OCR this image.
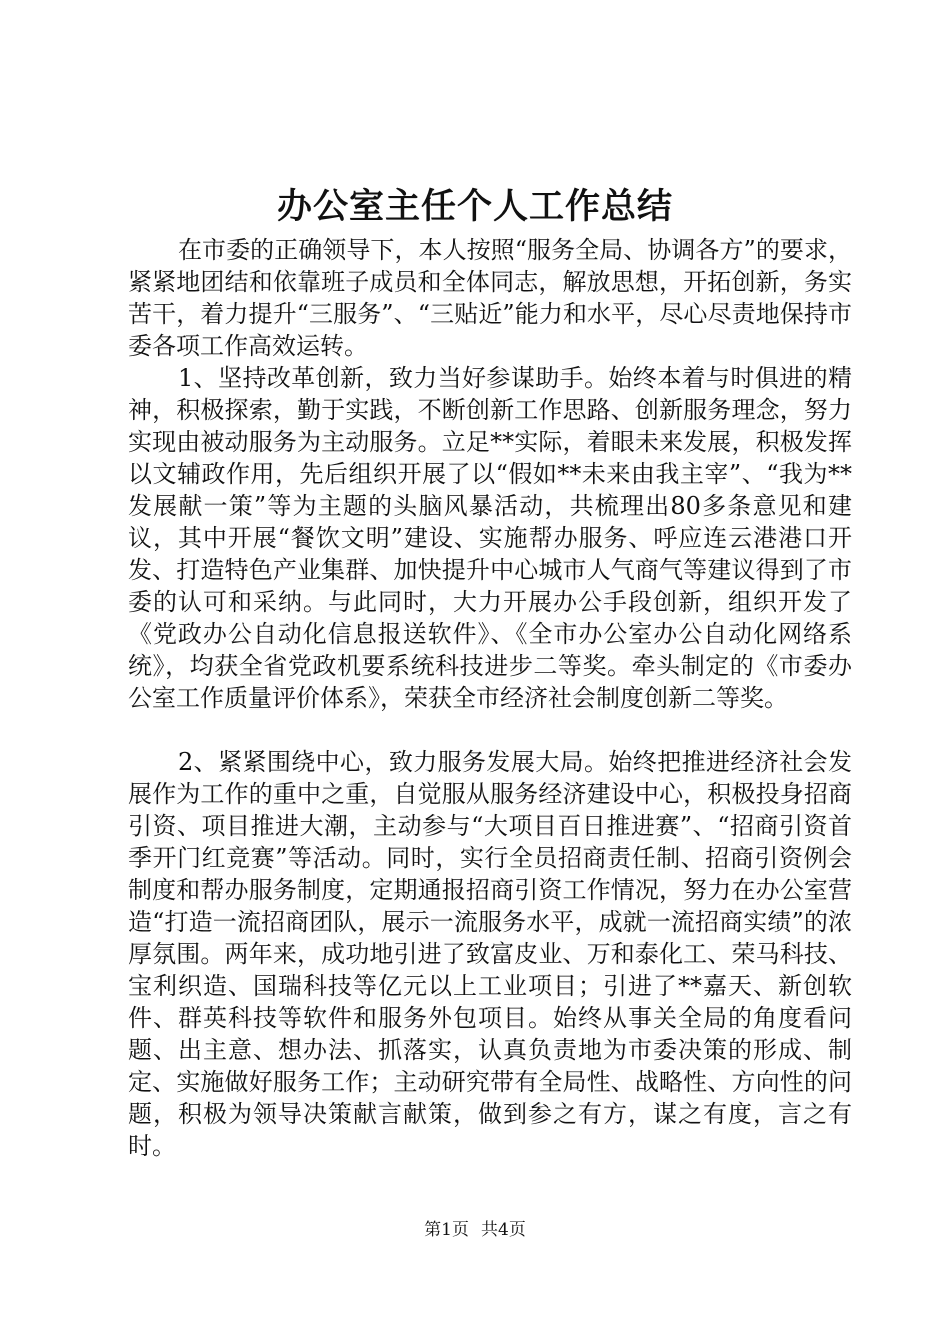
办公室主任个人工作总结

在市委的正确领导下，本人按照“服务全局、协调各方”的要求，紧紧地团结和依靠班子成员和全体同志，解放思想，开拓创新，务实苦干，着力提升“三服务”、“三贴近”能力和水平，尽心尽责地保持市委各项工作高效运转。

1、坚持改革创新，致力当好参谋助手。始终本着与时俱进的精神，积极探索，勤于实践，不断创新工作思路、创新服务理念，努力实现由被动服务为主动服务。立足**实际，着眼未来发展，积极发挥以文辅政作用，先后组织开展了以“假如**未来由我主宰”、“我为**发展献一策”等为主题的头脑风暴活动，共梳理出80多条意见和建议，其中开展“餐饮文明”建设、实施帮办服务、呼应连云港港口开发、打造特色产业集群、加快提升中心城市人气商气等建议得到了市委的认可和采纳。与此同时，大力开展办公手段创新，组织开发了《党政办公自动化信息报送软件》、《全市办公室办公自动化网络系统》，均获全省党政机要系统科技进步二等奖。牵头制定的《市委办公室工作质量评价体系》，荣获全市经济社会制度创新二等奖。

2、紧紧围绕中心，致力服务发展大局。始终把推进经济社会发展作为工作的重中之重，自觉服从服务经济建设中心，积极投身招商引资、项目推进大潮，主动参与“大项目百日推进赛”、“招商引资首季开门红竞赛”等活动。同时，实行全员招商责任制、招商引资例会制度和帮办服务制度，定期通报招商引资工作情况，努力在办公室营造“打造一流招商团队，展示一流服务水平，成就一流招商实绩”的浓厚氛围。两年来，成功地引进了致富皮业、万和泰化工、荣马科技、宝利织造、国瑞科技等亿元以上工业项目；引进了**嘉天、新创软件、群英科技等软件和服务外包项目。始终从事关全局的角度看问题、出主意、想办法、抓落实，认真负责地为市委决策的形成、制定、实施做好服务工作；主动研究带有全局性、战略性、方向性的问题，积极为领导决策献言献策，做到参之有方，谋之有度，言之有时。

第1页 共4页
